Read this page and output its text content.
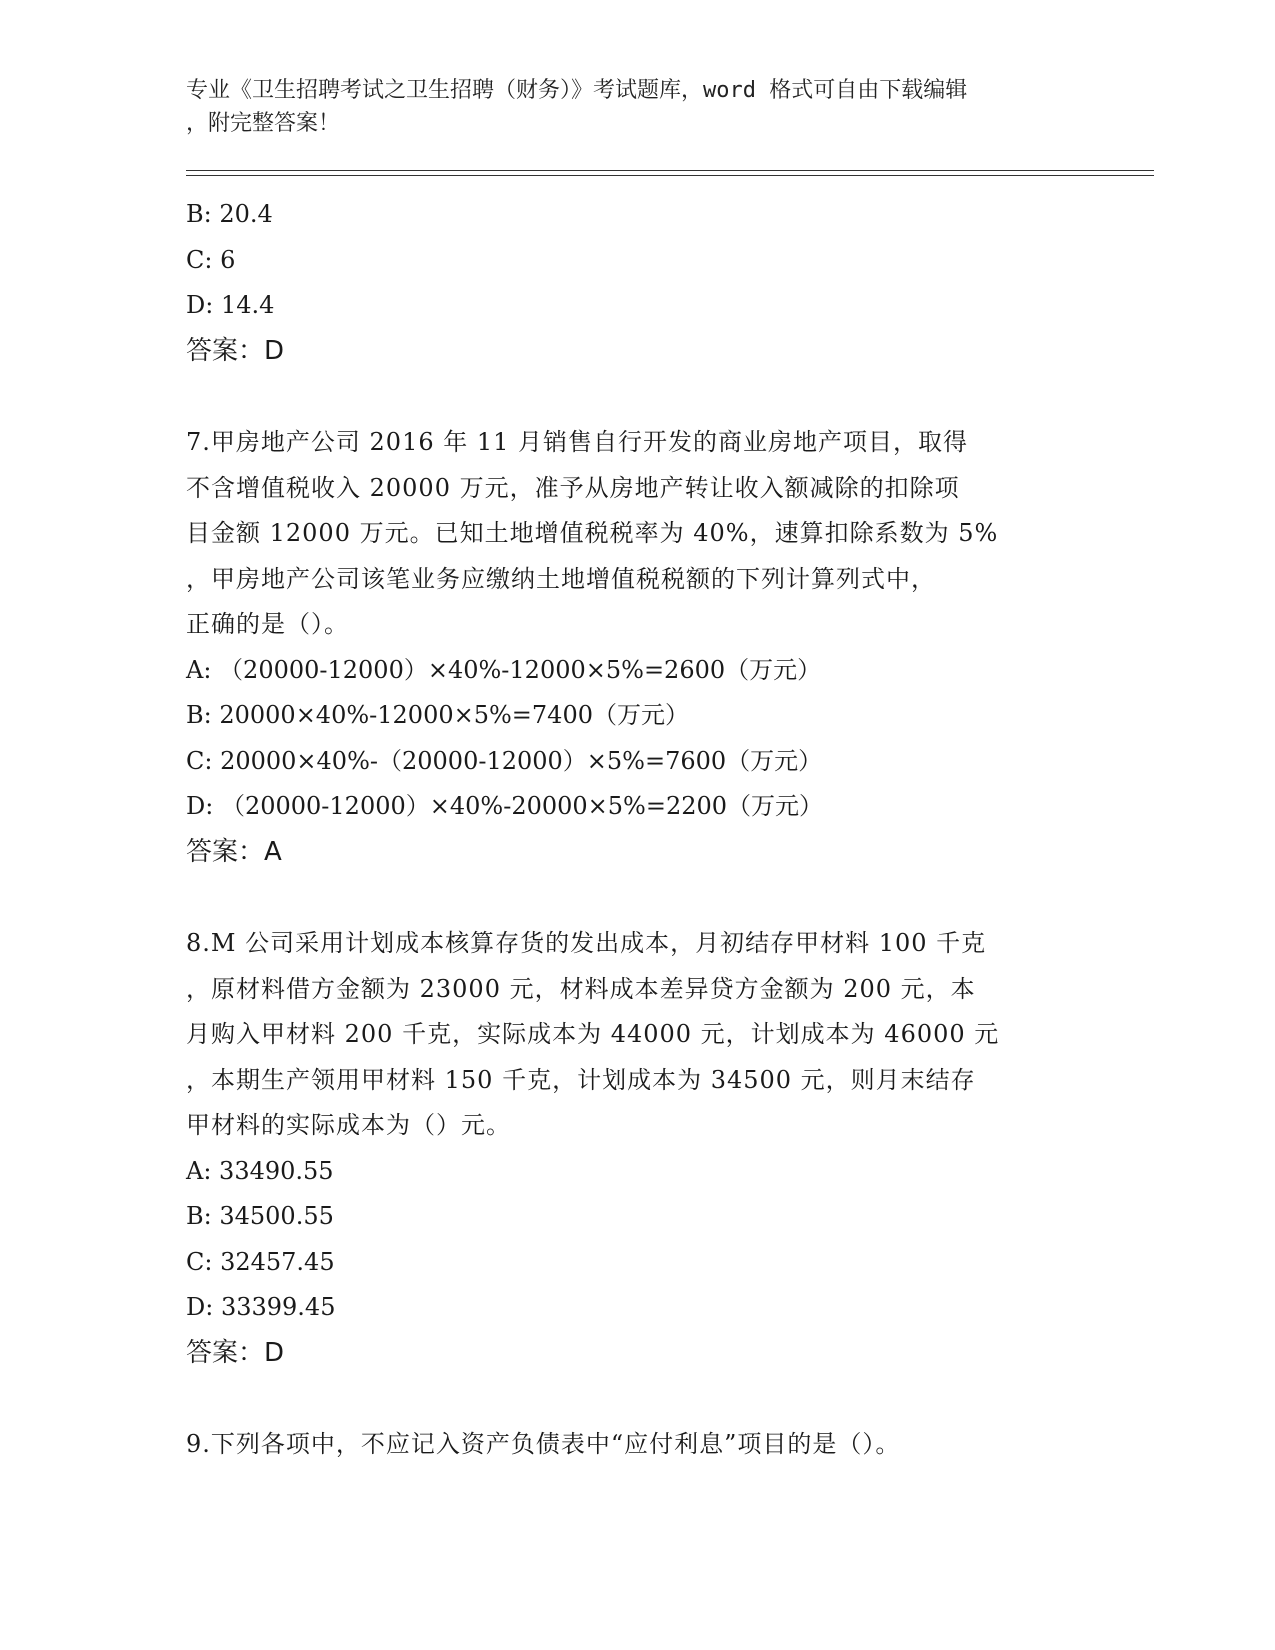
专业《卫生招聘考试之卫生招聘（财务）》考试题库，word 格式可自由下载编辑
，附完整答案！
B: 20.4
C: 6
D: 14.4
答案：D
7.甲房地产公司 2016 年 11 月销售自行开发的商业房地产项目，取得
不含增值税收入 20000 万元，准予从房地产转让收入额减除的扣除项
目金额 12000 万元。已知土地增值税税率为 40%，速算扣除系数为 5%
，甲房地产公司该笔业务应缴纳土地增值税税额的下列计算列式中，
正确的是（）。
A: （20000-12000）×40%-12000×5%=2600（万元）
B: 20000×40%-12000×5%=7400（万元）
C: 20000×40%-（20000-12000）×5%=7600（万元）
D: （20000-12000）×40%-20000×5%=2200（万元）
答案：A
8.M 公司采用计划成本核算存货的发出成本，月初结存甲材料 100 千克
，原材料借方金额为 23000 元，材料成本差异贷方金额为 200 元，本
月购入甲材料 200 千克，实际成本为 44000 元，计划成本为 46000 元
，本期生产领用甲材料 150 千克，计划成本为 34500 元，则月末结存
甲材料的实际成本为（）元。
A: 33490.55
B: 34500.55
C: 32457.45
D: 33399.45
答案：D
9.下列各项中，不应记入资产负债表中“应付利息”项目的是（）。
